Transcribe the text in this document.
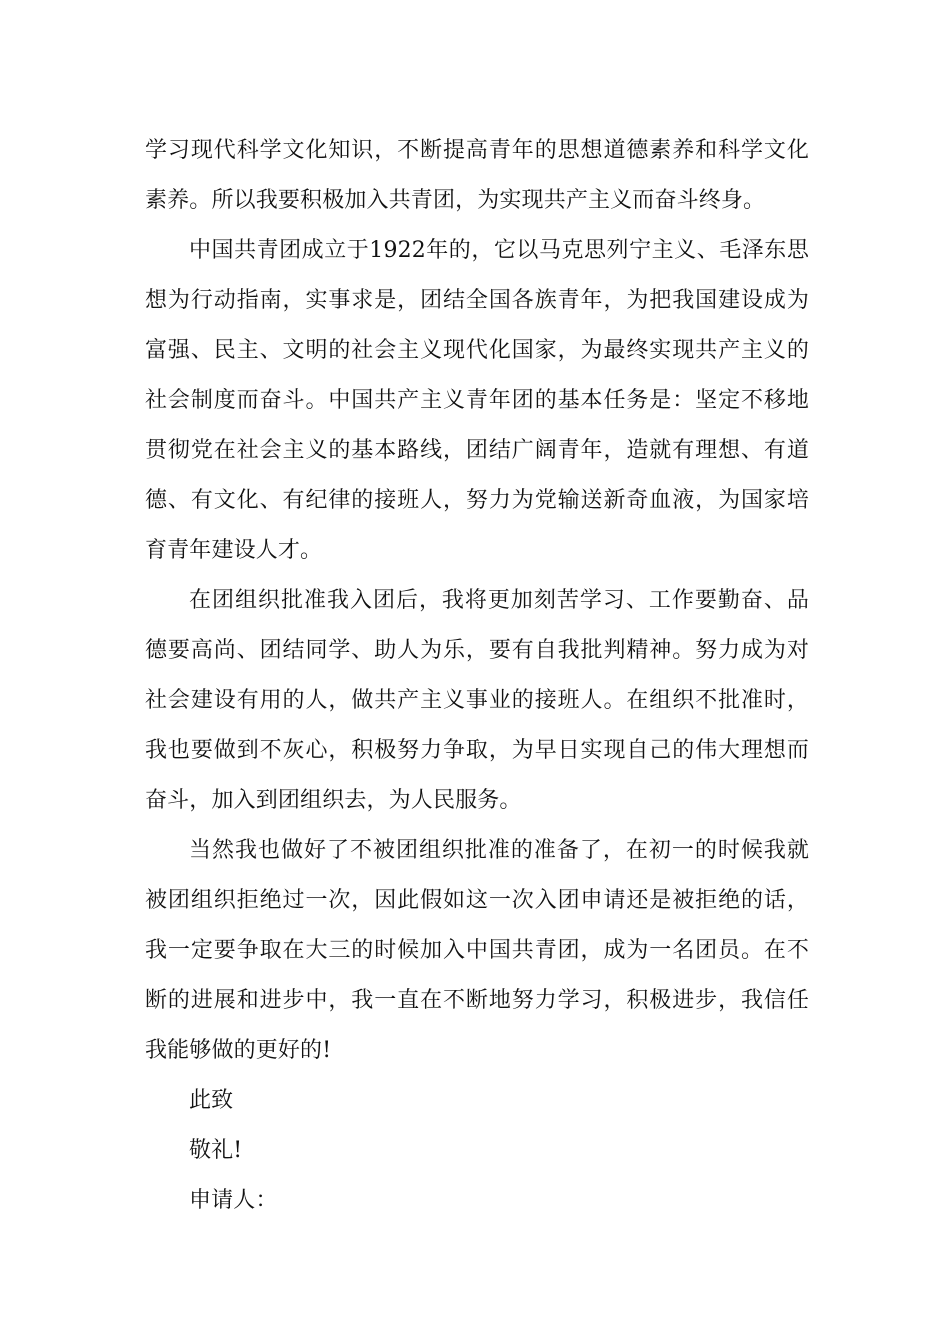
学习现代科学文化知识，不断提高青年的思想道德素养和科学文化素养。所以我要积极加入共青团，为实现共产主义而奋斗终身。

中国共青团成立于1922年的，它以马克思列宁主义、毛泽东思想为行动指南，实事求是，团结全国各族青年，为把我国建设成为富强、民主、文明的社会主义现代化国家，为最终实现共产主义的社会制度而奋斗。中国共产主义青年团的基本任务是：坚定不移地贯彻党在社会主义的基本路线，团结广阔青年，造就有理想、有道德、有文化、有纪律的接班人，努力为党输送新奇血液，为国家培育青年建设人才。

在团组织批准我入团后，我将更加刻苦学习、工作要勤奋、品德要高尚、团结同学、助人为乐，要有自我批判精神。努力成为对社会建设有用的人，做共产主义事业的接班人。在组织不批准时，我也要做到不灰心，积极努力争取，为早日实现自己的伟大理想而奋斗，加入到团组织去，为人民服务。

当然我也做好了不被团组织批准的准备了，在初一的时候我就被团组织拒绝过一次，因此假如这一次入团申请还是被拒绝的话，我一定要争取在大三的时候加入中国共青团，成为一名团员。在不断的进展和进步中，我一直在不断地努力学习，积极进步，我信任我能够做的更好的!

此致

敬礼!

申请人：
